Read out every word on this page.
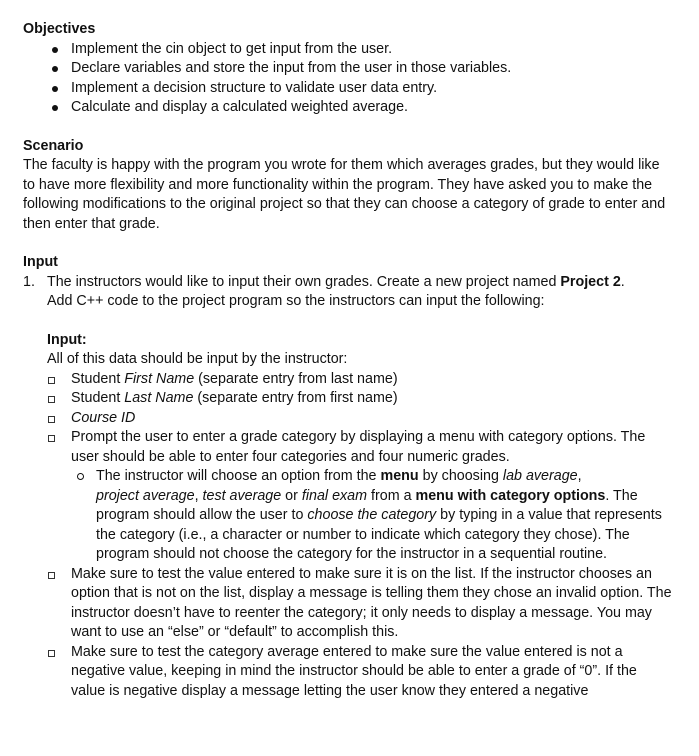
Objectives

Implement the cin object to get input from the user.
Declare variables and store the input from the user in those variables.
Implement a decision structure to validate user data entry.
Calculate and display a calculated weighted average.

Scenario

The faculty is happy with the program you wrote for them which averages grades, but they would like to have more flexibility and more functionality within the program. They have asked you to make the following modifications to the original project so that they can choose a category of grade to enter and then enter that grade.

Input

1. The instructors would like to input their own grades. Create a new project named Project 2.
Add C++ code to the project program so the instructors can input the following:

Input:

All of this data should be input by the instructor:

Student First Name (separate entry from last name)
Student Last Name (separate entry from first name)
Course ID
Prompt the user to enter a grade category by displaying a menu with category options. The user should be able to enter four categories and four numeric grades.
The instructor will choose an option from the menu by choosing lab average,
project average, test average or final exam from a menu with category options. The program should allow the user to choose the category by typing in a value that represents the category (i.e., a character or number to indicate which category they chose). The program should not choose the category for the instructor in a sequential routine.
Make sure to test the value entered to make sure it is on the list. If the instructor chooses an option that is not on the list, display a message is telling them they chose an invalid option. The instructor doesn’t have to reenter the category; it only needs to display a message. You may want to use an “else” or “default” to accomplish this.
Make sure to test the category average entered to make sure the value entered is not a negative value, keeping in mind the instructor should be able to enter a grade of “0”. If the value is negative display a message letting the user know they entered a negative
